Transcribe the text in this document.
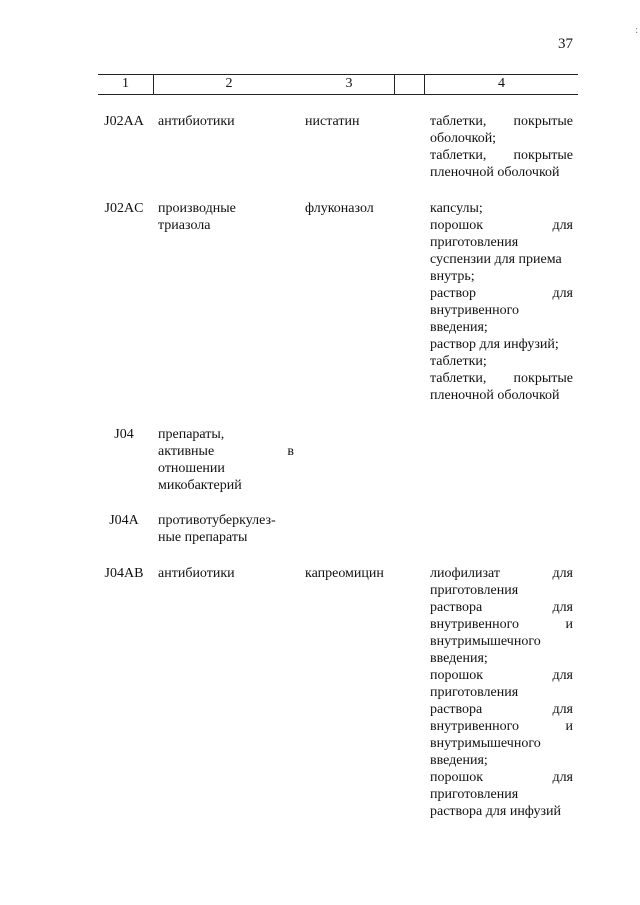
:
37
1	2	3	4
J02AA	антибиотики	нистатин	таблетки, покрытые
оболочкой;
таблетки, покрытые
пленочной оболочкой
J02AC	производные
триазола
флуконазол	капсулы;
порошок для
приготовления
суспензии для приема
внутрь;
раствор для
внутривенного
введения;
раствор для инфузий;
таблетки;
таблетки, покрытые
пленочной оболочкой
J04	препараты,
активные в
отношении
микобактерий
J04A	противотуберкулез-
ные препараты
J04AB	антибиотики	капреомицин	лиофилизат для
приготовления
раствора для
внутривенного и
внутримышечного
введения;
порошок для
приготовления
раствора для
внутривенного и
внутримышечного
введения;
порошок для
приготовления
раствора для инфузий
